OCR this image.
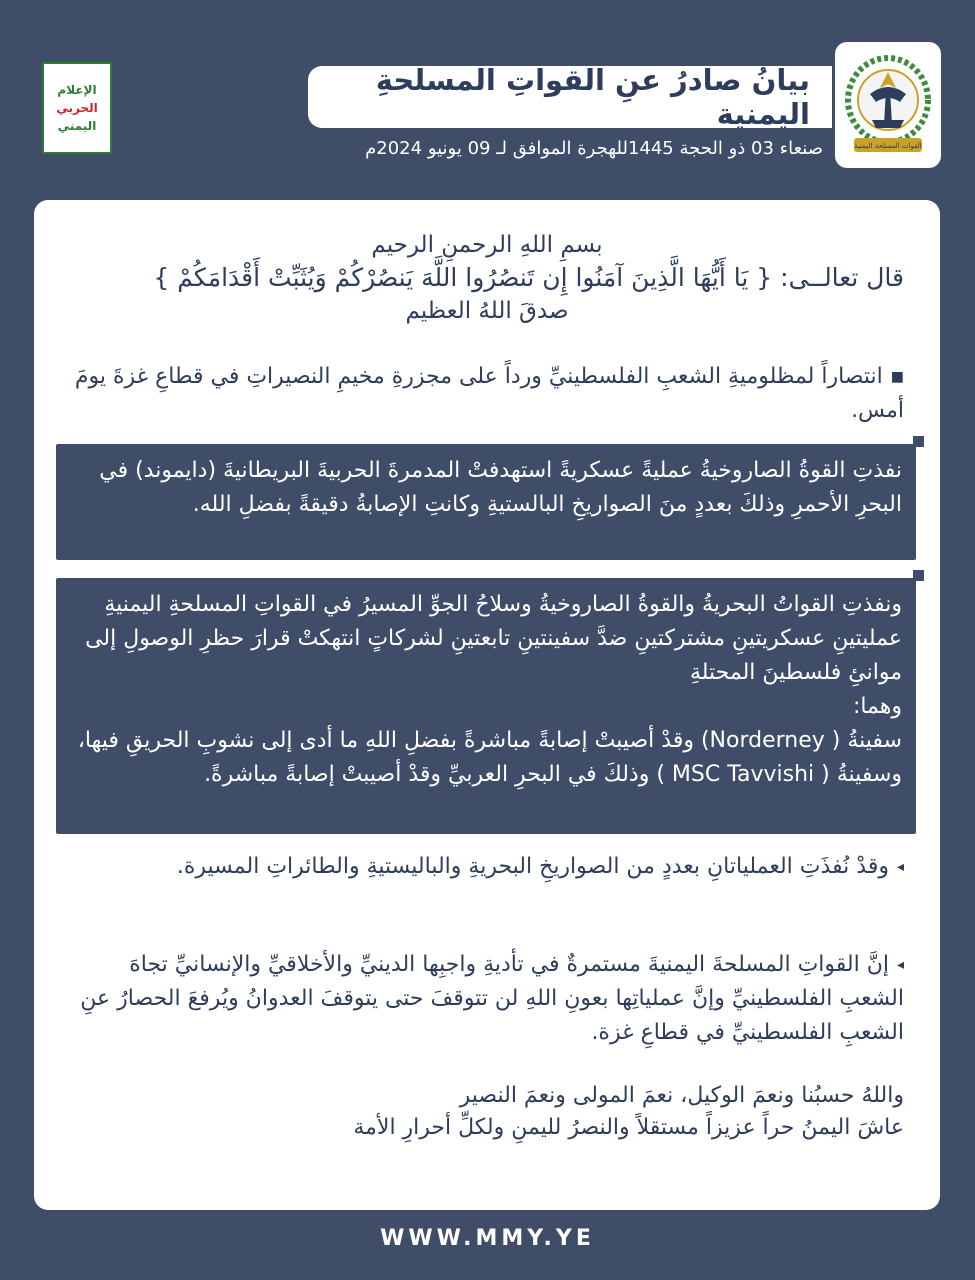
القوات المسلحة اليمنية
الإعلام
الحربي
اليمني
بيانُ صادرُ عنِ القواتِ المسلحةِ اليمنية
صنعاء 03 ذو الحجة 1445للهجرة الموافق لـ 09 يونيو 2024م
بسمِ اللهِ الرحمنِ الرحيم
قال تعالــى: { يَا أَيُّهَا الَّذِينَ آمَنُوا إِن تَنصُرُوا اللَّهَ يَنصُرْكُمْ وَيُثَبِّتْ أَقْدَامَكُمْ }
صدقَ اللهُ العظيم
■انتصاراً لمظلوميةِ الشعبِ الفلسطينيِّ ورداً على مجزرةِ مخيمِ النصيراتِ في قطاعِ غزةَ يومَ أمس.
نفذتِ القوةُ الصاروخيةُ عمليةً عسكريةً استهدفتْ المدمرةَ الحربيةَ البريطانيةَ (دايموند) في البحرِ الأحمرِ وذلكَ بعددٍ منَ الصواريخِ البالستيةِ وكانتِ الإصابةُ دقيقةً بفضلِ الله.
ونفذتِ القواتُ البحريةُ والقوةُ الصاروخيةُ وسلاحُ الجوِّ المسيرُ في القواتِ المسلحةِ اليمنيةِ عمليتينِ عسكريتينِ مشتركتينِ ضدَّ سفينتينِ تابعتينِ لشركاتٍ انتهكتْ قرارَ حظرِ الوصولِ إلى موانئِ فلسطينَ المحتلةِ
وهما:
سفينةُ ( Norderney) وقدْ أصيبتْ إصابةً مباشرةً بفضلِ اللهِ ما أدى إلى نشوبِ الحريقِ فيها، وسفينةُ ( MSC Tavvishi ) وذلكَ في البحرِ العربيِّ وقدْ أصيبتْ إصابةً مباشرةً.
◂وقدْ نُفذَتِ العملياتانِ بعددٍ من الصواريخِ البحريةِ والباليستيةِ والطائراتِ المسيرة.
◂إنَّ القواتِ المسلحةَ اليمنيةَ مستمرةٌ في تأديةِ واجبِها الدينيِّ والأخلاقيِّ والإنسانيِّ تجاهَ الشعبِ الفلسطينيِّ وإنَّ عملياتِها بعونِ اللهِ لن تتوقفَ حتى يتوقفَ العدوانُ ويُرفعَ الحصارُ عنِ الشعبِ الفلسطينيِّ في قطاعِ غزة.
واللهُ حسبُنا ونعمَ الوكيل، نعمَ المولى ونعمَ النصير
عاشَ اليمنُ حراً عزيزاً مستقلاً والنصرُ لليمنِ ولكلِّ أحرارِ الأمة
WWW.MMY.YE
